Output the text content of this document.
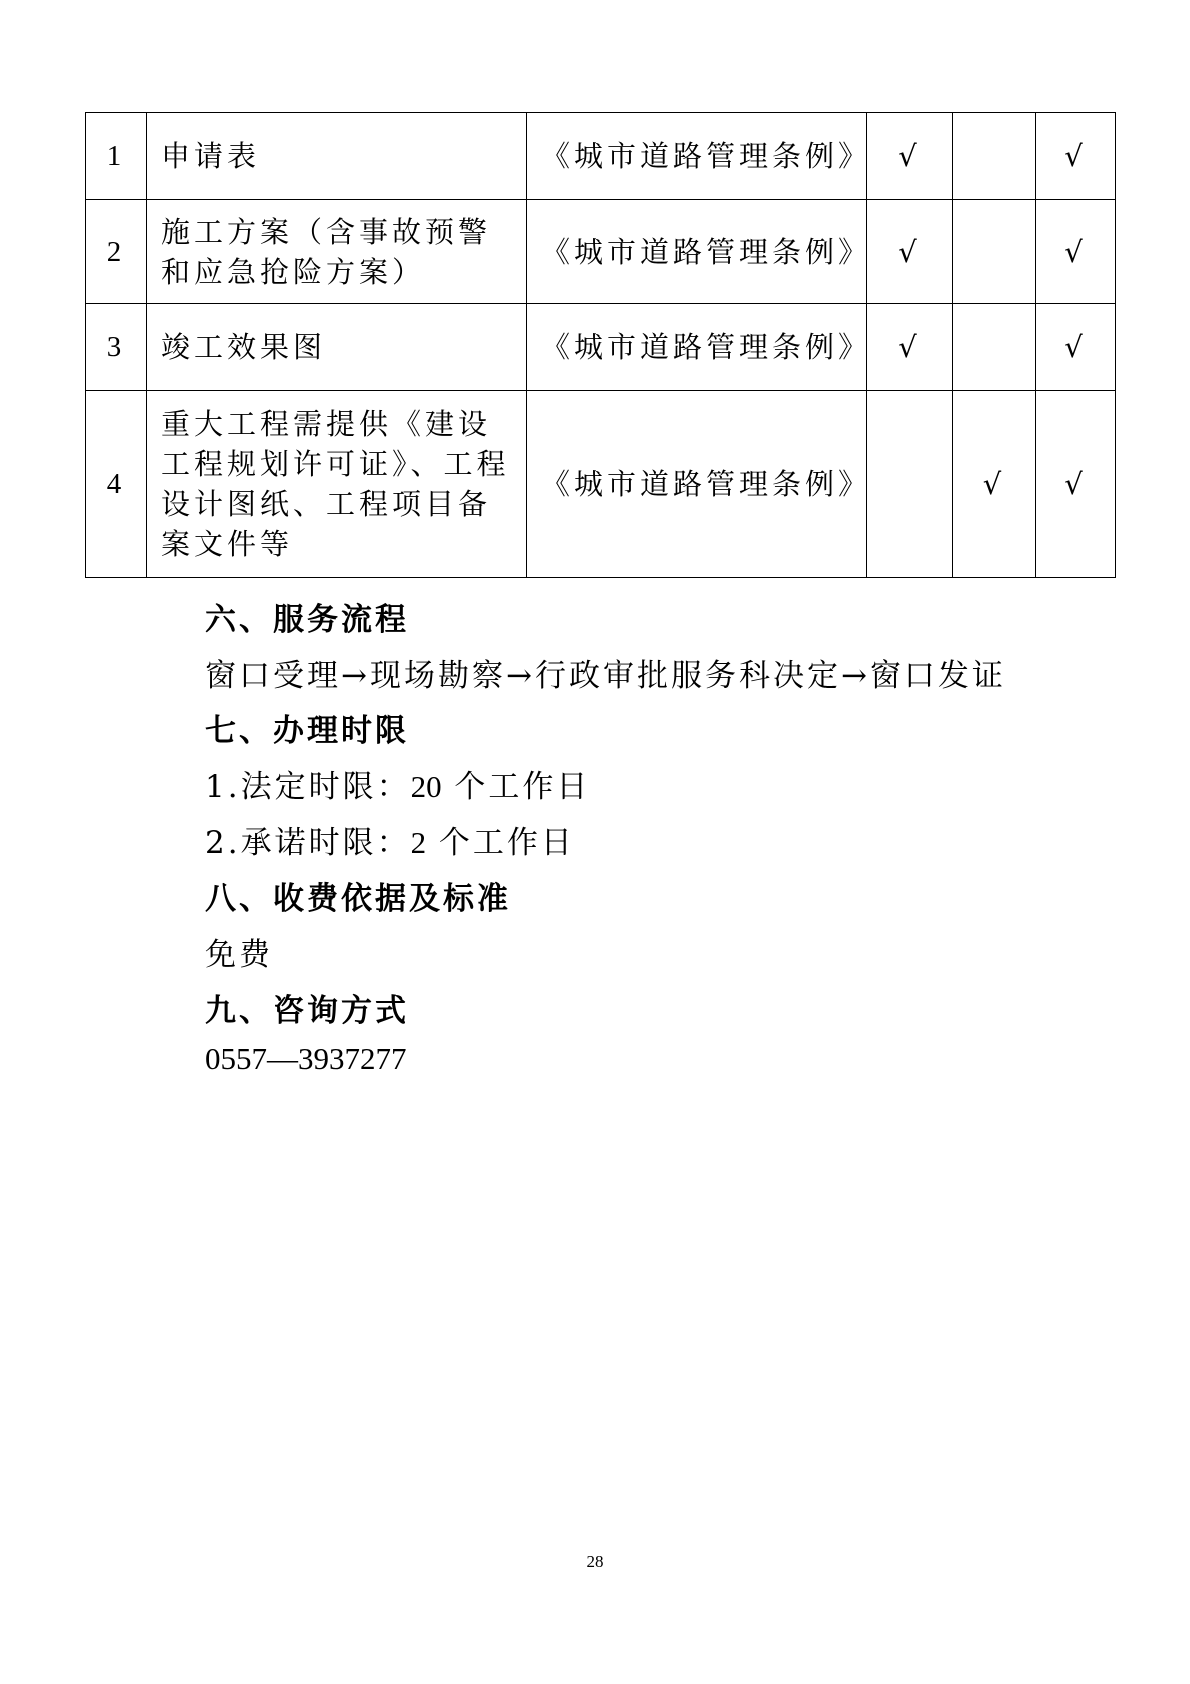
1	申请表	《城市道路管理条例》	√		√
2	施工方案（含事故预警和应急抢险方案）	《城市道路管理条例》	√		√
3	竣工效果图	《城市道路管理条例》	√		√
4	重大工程需提供《建设工程规划许可证》、工程设计图纸、工程项目备案文件等	《城市道路管理条例》		√	√
六、服务流程
窗口受理→现场勘察→行政审批服务科决定→窗口发证
七、办理时限
1.法定时限：20 个工作日
2.承诺时限：2 个工作日
八、收费依据及标准
免费
九、咨询方式
0557—3937277
28
